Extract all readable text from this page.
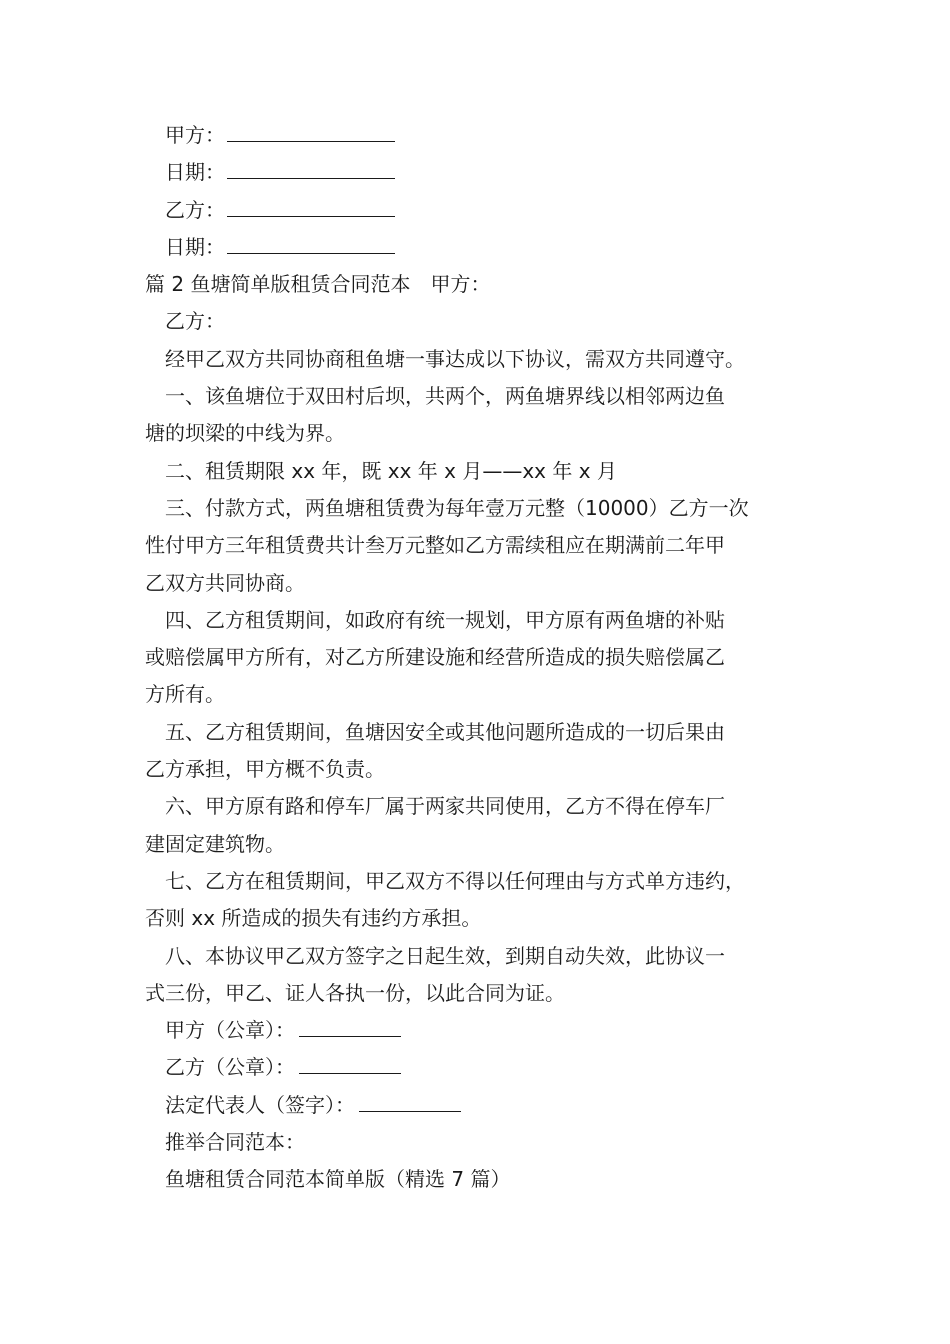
甲方：
日期：
乙方：
日期：
篇 2 鱼塘简单版租赁合同范本　甲方：
乙方：
经甲乙双方共同协商租鱼塘一事达成以下协议，需双方共同遵守。
一、该鱼塘位于双田村后坝，共两个，两鱼塘界线以相邻两边鱼
塘的坝梁的中线为界。
二、租赁期限 xx 年，既 xx 年 x 月——xx 年 x 月
三、付款方式，两鱼塘租赁费为每年壹万元整（10000）乙方一次
性付甲方三年租赁费共计叁万元整如乙方需续租应在期满前二年甲
乙双方共同协商。
四、乙方租赁期间，如政府有统一规划，甲方原有两鱼塘的补贴
或赔偿属甲方所有，对乙方所建设施和经营所造成的损失赔偿属乙
方所有。
五、乙方租赁期间，鱼塘因安全或其他问题所造成的一切后果由
乙方承担，甲方概不负责。
六、甲方原有路和停车厂属于两家共同使用，乙方不得在停车厂
建固定建筑物。
七、乙方在租赁期间，甲乙双方不得以任何理由与方式单方违约，
否则 xx 所造成的损失有违约方承担。
八、本协议甲乙双方签字之日起生效，到期自动失效，此协议一
式三份，甲乙、证人各执一份，以此合同为证。
甲方（公章）：
乙方（公章）：
法定代表人（签字）：
推举合同范本：
鱼塘租赁合同范本简单版（精选 7 篇）
